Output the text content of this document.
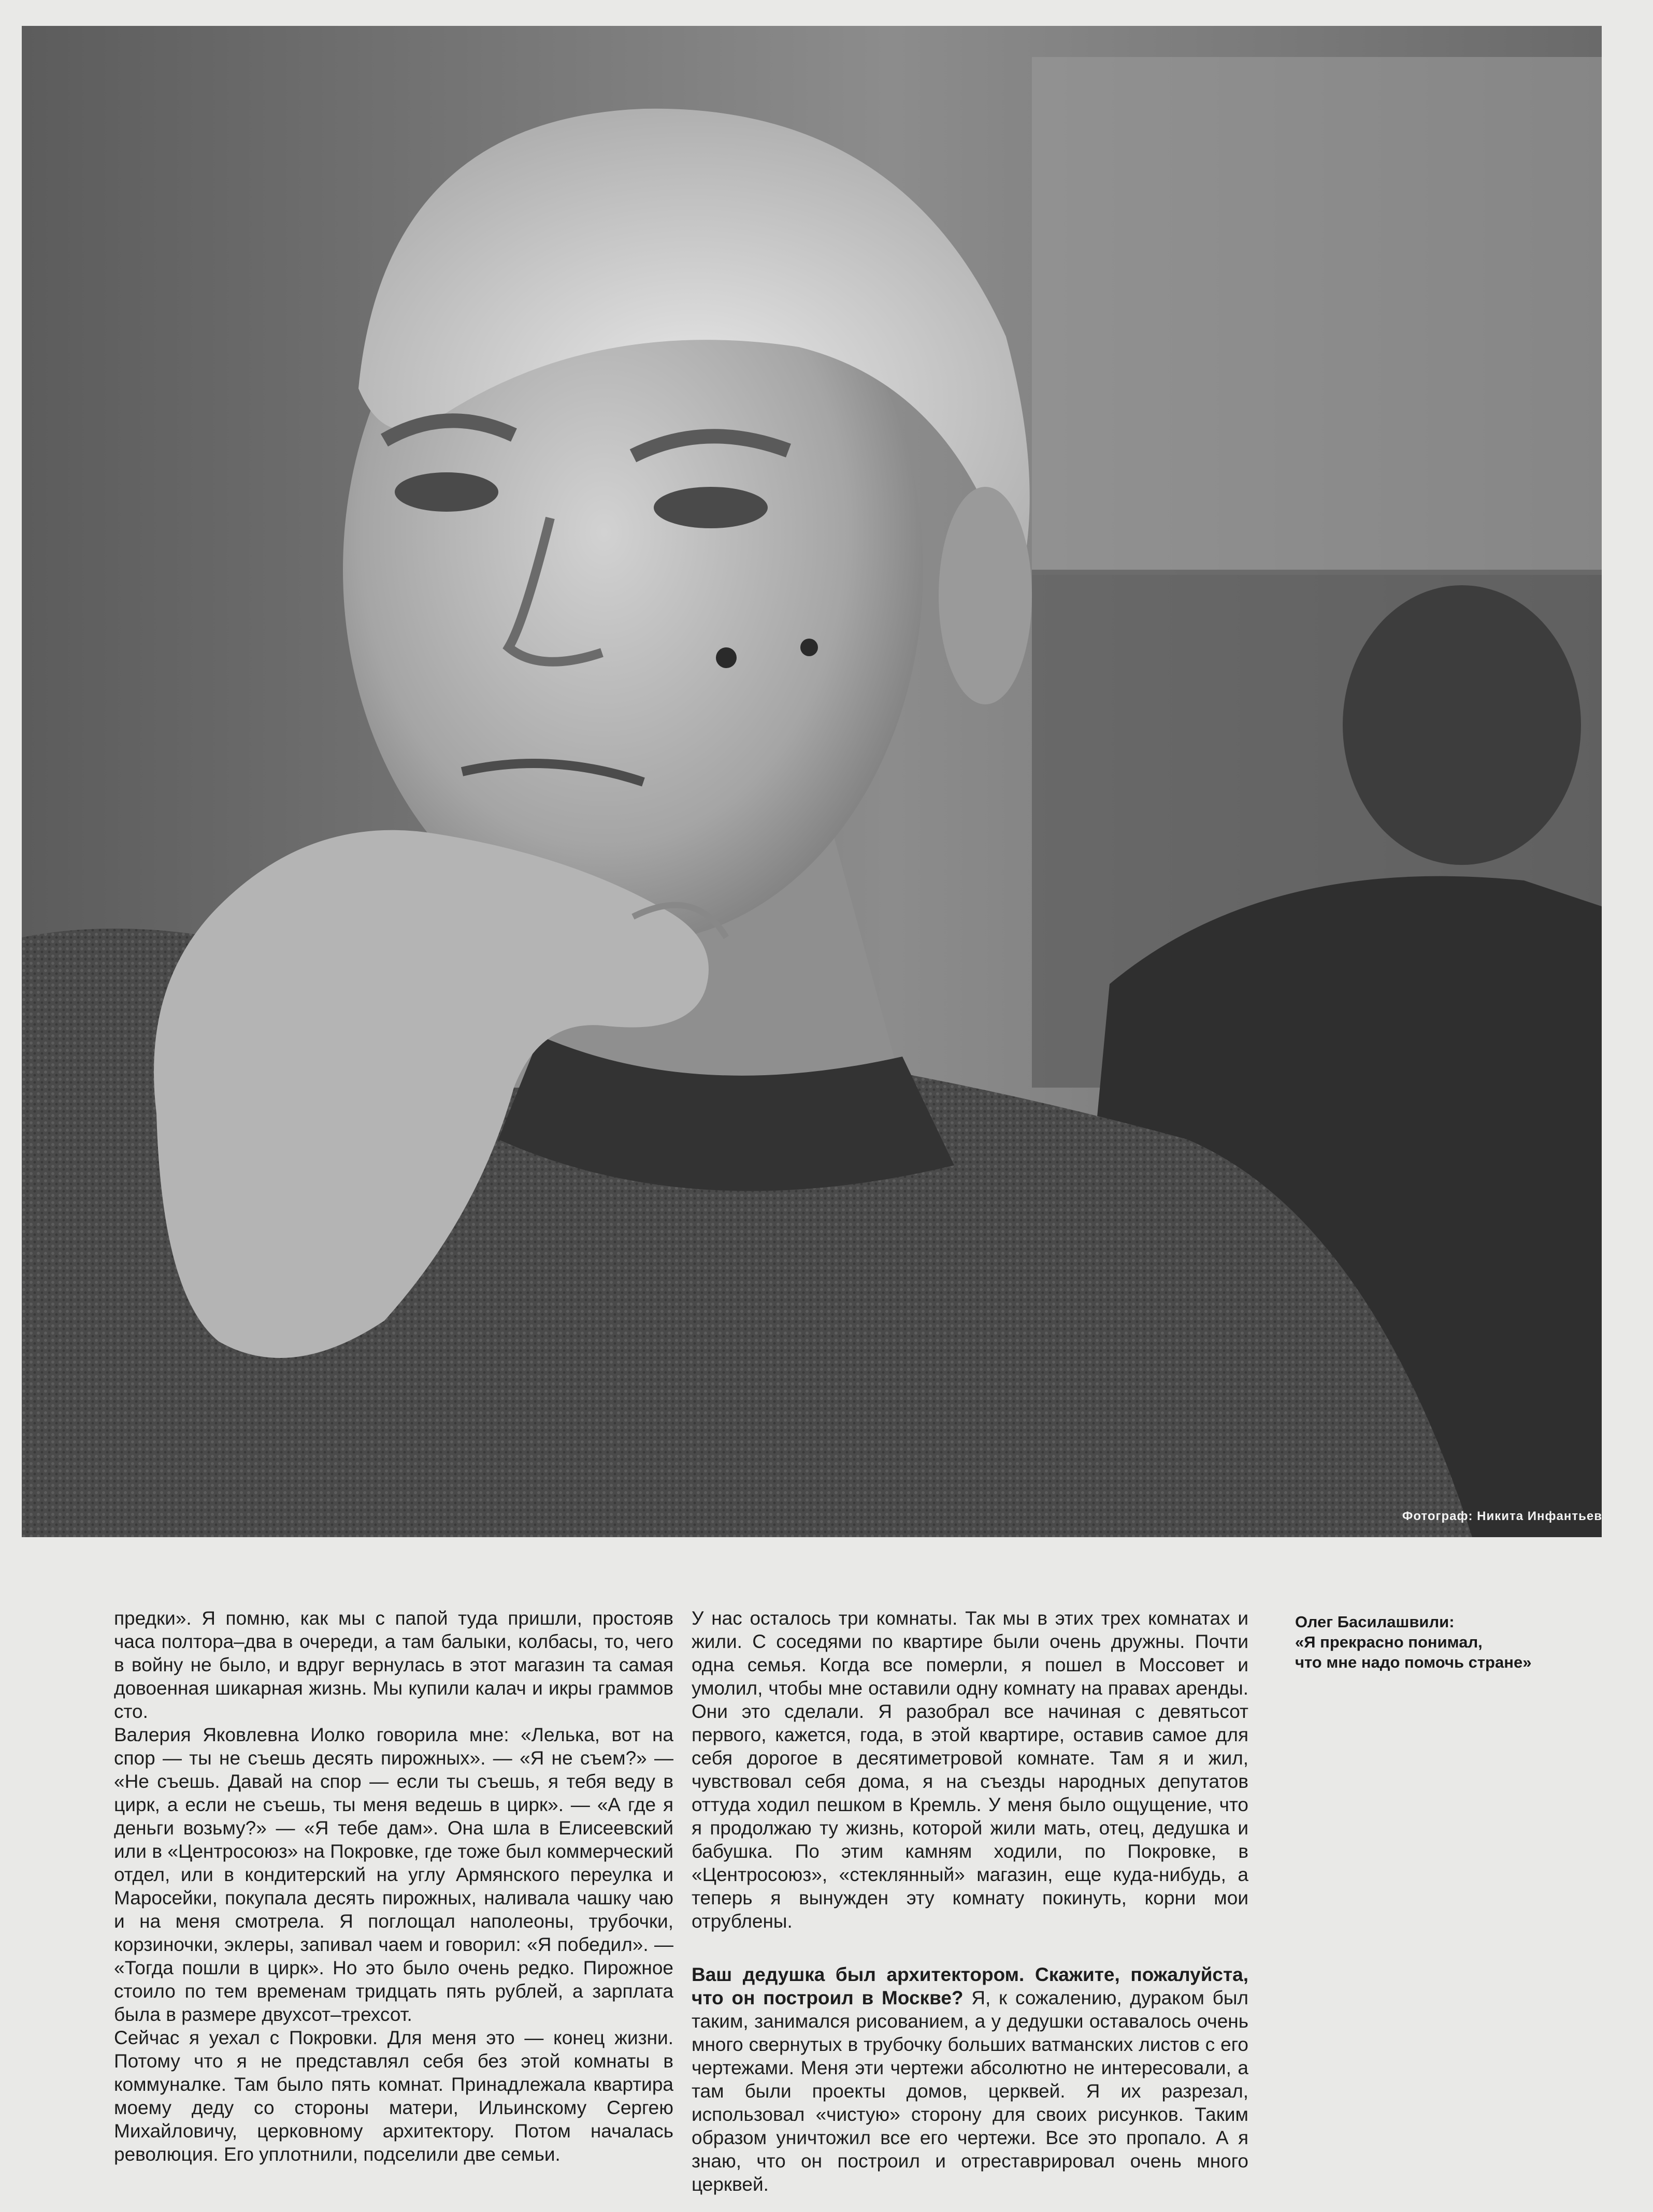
Фотограф: Никита Инфантьев

предки». Я помню, как мы с папой туда пришли, простояв часа полтора–два в очереди, а там балыки, колбасы, то, чего в войну не было, и вдруг вернулась в этот магазин та самая довоенная шикарная жизнь. Мы купили калач и икры граммов сто.

Валерия Яковлевна Иолко говорила мне: «Лелька, вот на спор — ты не съешь десять пирожных». — «Я не съем?» — «Не съешь. Давай на спор — если ты съешь, я тебя веду в цирк, а если не съешь, ты меня ведешь в цирк». — «А где я деньги возьму?» — «Я тебе дам». Она шла в Елисеевский или в «Центросоюз» на Покровке, где тоже был коммерческий отдел, или в кондитерский на углу Армянского переулка и Маросейки, покупала десять пирожных, наливала чашку чаю и на меня смотрела. Я поглощал наполеоны, трубочки, корзиночки, эклеры, запивал чаем и говорил: «Я победил». — «Тогда пошли в цирк». Но это было очень редко. Пирожное стоило по тем временам тридцать пять рублей, а зарплата была в размере двухсот–трехсот.

Сейчас я уехал с Покровки. Для меня это — конец жизни. Потому что я не представлял себя без этой комнаты в коммуналке. Там было пять комнат. Принадлежала квартира моему деду со стороны матери, Ильинскому Сергею Михайловичу, церковному архитектору. Потом началась революция. Его уплотнили, подселили две семьи.

У нас осталось три комнаты. Так мы в этих трех комнатах и жили. С соседями по квартире были очень дружны. Почти одна семья. Когда все померли, я пошел в Моссовет и умолил, чтобы мне оставили одну комнату на правах аренды. Они это сделали. Я разобрал все начиная с девятьсот первого, кажется, года, в этой квартире, оставив самое для себя дорогое в десятиметровой комнате. Там я и жил, чувствовал себя дома, я на съезды народных депутатов оттуда ходил пешком в Кремль. У меня было ощущение, что я продолжаю ту жизнь, которой жили мать, отец, дедушка и бабушка. По этим камням ходили, по Покровке, в «Центросоюз», «стеклянный» магазин, еще куда-нибудь, а теперь я вынужден эту комнату покинуть, корни мои отрублены.

Ваш дедушка был архитектором. Скажите, пожалуйста, что он построил в Москве? Я, к сожалению, дураком был таким, занимался рисованием, а у дедушки оставалось очень много свернутых в трубочку больших ватманских листов с его чертежами. Меня эти чертежи абсолютно не интересовали, а там были проекты домов, церквей. Я их разрезал, использовал «чистую» сторону для своих рисунков. Таким образом уничтожил все его чертежи. Все это пропало. А я знаю, что он построил и отреставрировал очень много церквей.

Олег Басилашвили:
«Я прекрасно понимал,
что мне надо помочь стране»
